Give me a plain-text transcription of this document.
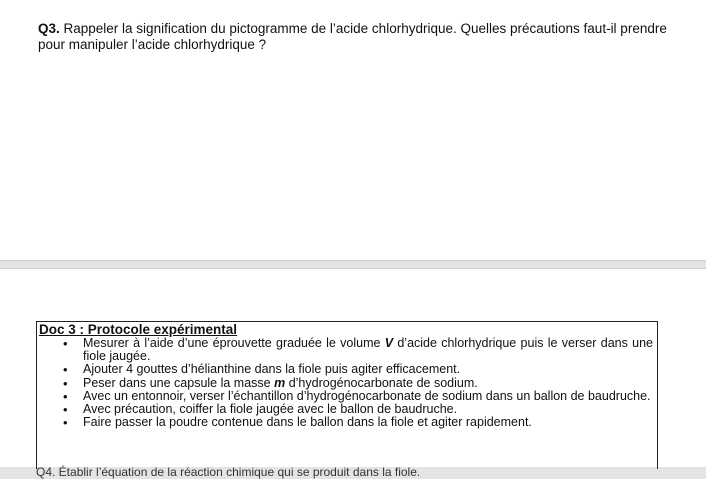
Q3. Rappeler la signification du pictogramme de l’acide chlorhydrique. Quelles précautions faut-il prendre pour manipuler l’acide chlorhydrique ?

Doc 3 : Protocole expérimental

• Mesurer à l’aide d’une éprouvette graduée le volume V d’acide chlorhydrique puis le verser dans une fiole jaugée.
• Ajouter 4 gouttes d’hélianthine dans la fiole puis agiter efficacement.
• Peser dans une capsule la masse m d’hydrogénocarbonate de sodium.
• Avec un entonnoir, verser l’échantillon d’hydrogénocarbonate de sodium dans un ballon de baudruche.
• Avec précaution, coiffer la fiole jaugée avec le ballon de baudruche.
• Faire passer la poudre contenue dans le ballon dans la fiole et agiter rapidement.
Q4. Établir l’équation de la réaction chimique qui se produit dans la fiole.
